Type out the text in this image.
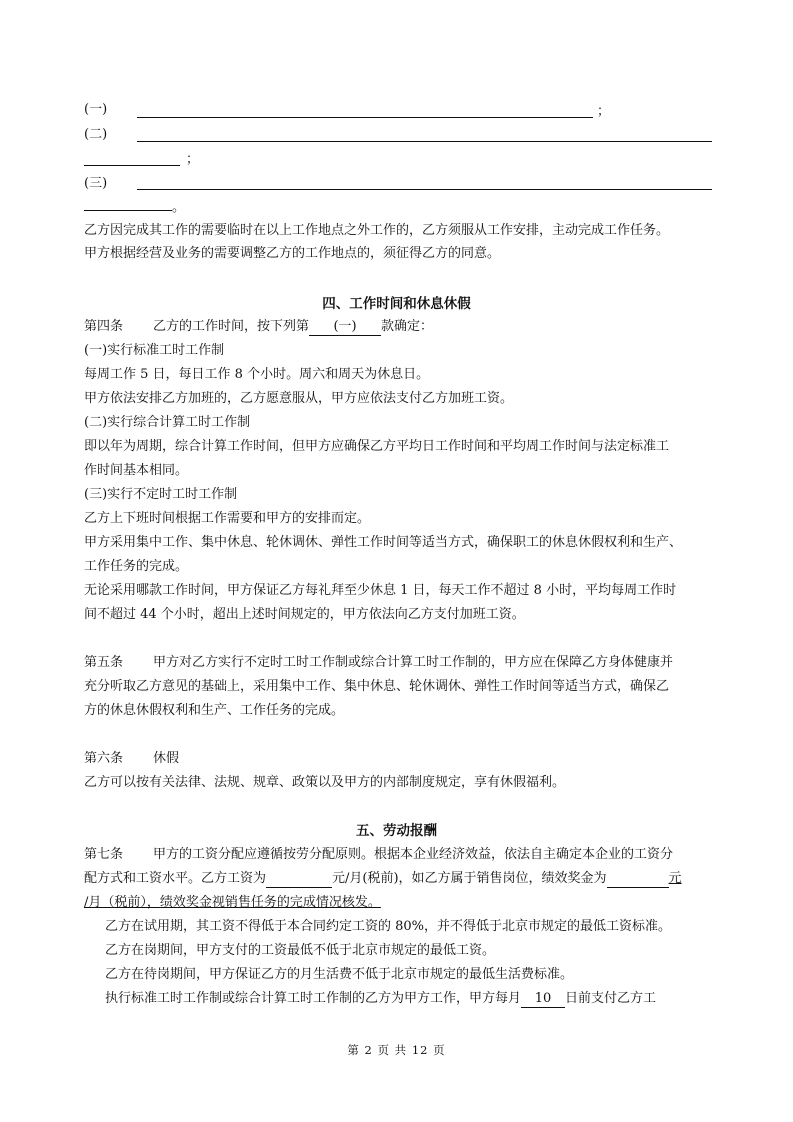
(一)	；
(二)
；
(三)
。
乙方因完成其工作的需要临时在以上工作地点之外工作的，乙方须服从工作安排，主动完成工作任务。
甲方根据经营及业务的需要调整乙方的工作地点的，须征得乙方的同意。
四、工作时间和休息休假
第四条 乙方的工作时间，按下列第 (一) 款确定：
(一)实行标准工时工作制
每周工作 5 日，每日工作 8 个小时。周六和周天为休息日。
甲方依法安排乙方加班的，乙方愿意服从，甲方应依法支付乙方加班工资。
(二)实行综合计算工时工作制
即以年为周期，综合计算工作时间，但甲方应确保乙方平均日工作时间和平均周工作时间与法定标准工
作时间基本相同。
(三)实行不定时工时工作制
乙方上下班时间根据工作需要和甲方的安排而定。
甲方采用集中工作、集中休息、轮休调休、弹性工作时间等适当方式，确保职工的休息休假权利和生产、
工作任务的完成。
无论采用哪款工作时间，甲方保证乙方每礼拜至少休息 1 日，每天工作不超过 8 小时，平均每周工作时
间不超过 44 个小时，超出上述时间规定的，甲方依法向乙方支付加班工资。
第五条 甲方对乙方实行不定时工时工作制或综合计算工时工作制的，甲方应在保障乙方身体健康并
充分听取乙方意见的基础上，采用集中工作、集中休息、轮休调休、弹性工作时间等适当方式，确保乙
方的休息休假权利和生产、工作任务的完成。
第六条 休假
乙方可以按有关法律、法规、规章、政策以及甲方的内部制度规定，享有休假福利。
五、劳动报酬
第七条 甲方的工资分配应遵循按劳分配原则。根据本企业经济效益，依法自主确定本企业的工资分
配方式和工资水平。乙方工资为	元/月(税前)，如乙方属于销售岗位，绩效奖金为	元
/月（税前），绩效奖金视销售任务的完成情况核发。
乙方在试用期，其工资不得低于本合同约定工资的 80%，并不得低于北京市规定的最低工资标准。
乙方在岗期间，甲方支付的工资最低不低于北京市规定的最低工资。
乙方在待岗期间，甲方保证乙方的月生活费不低于北京市规定的最低生活费标准。
执行标准工时工作制或综合计算工时工作制的乙方为甲方工作，甲方每月 10 日前支付乙方工
第 2 页 共 12 页
